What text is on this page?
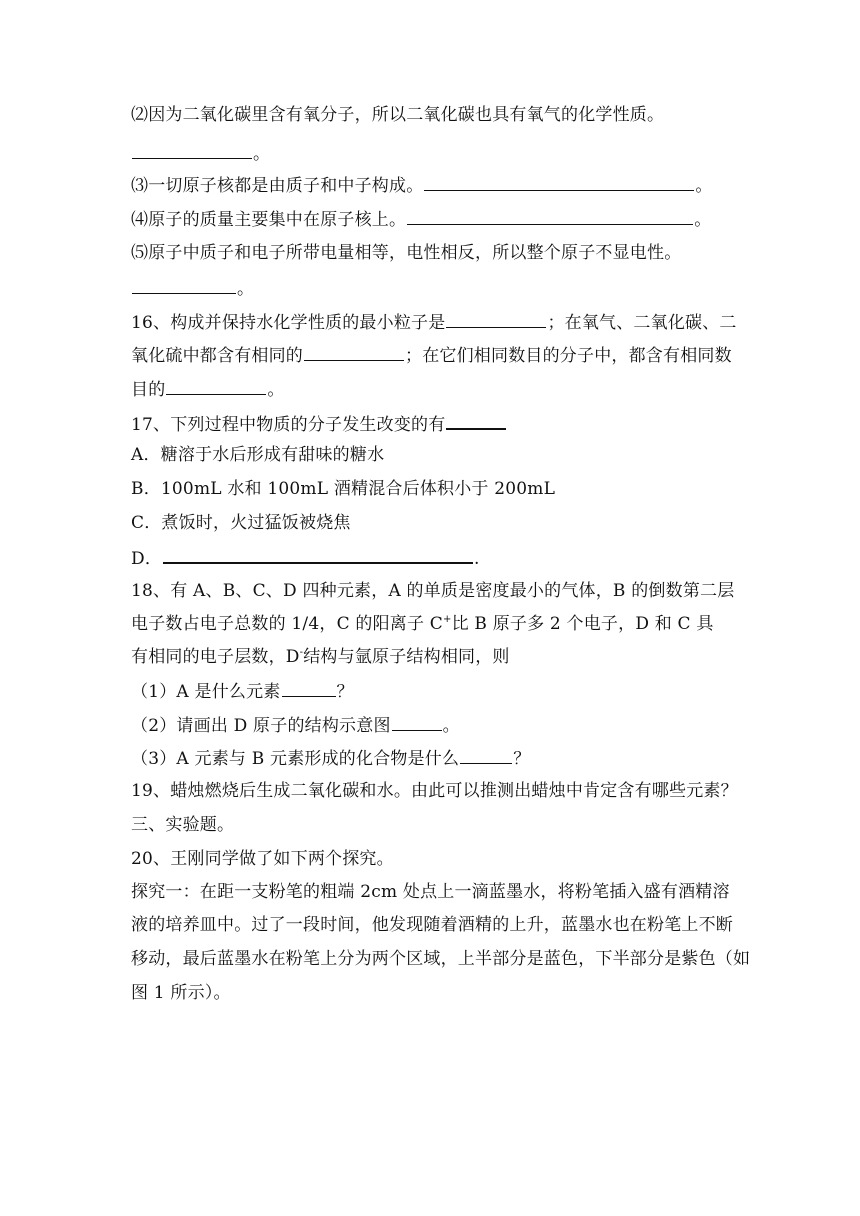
⑵因为二氧化碳里含有氧分子，所以二氧化碳也具有氧气的化学性质。
。
⑶一切原子核都是由质子和中子构成。	。
⑷原子的质量主要集中在原子核上。	。
⑸原子中质子和电子所带电量相等，电性相反，所以整个原子不显电性。
。
16、构成并保持水化学性质的最小粒子是	；在氧气、二氧化碳、二
氧化硫中都含有相同的	；在它们相同数目的分子中，都含有相同数
目的	。
17、下列过程中物质的分子发生改变的有
A．糖溶于水后形成有甜味的糖水
B．100mL 水和 100mL 酒精混合后体积小于 200mL
C．煮饭时，火过猛饭被烧焦
D．	.
18、有 A、B、C、D 四种元素，A 的单质是密度最小的气体，B 的倒数第二层
电子数占电子总数的 1/4，C 的阳离子 C+比 B 原子多 2 个电子，D 和 C 具
有相同的电子层数，D-结构与氩原子结构相同，则
（1）A 是什么元素	？
（2）请画出 D 原子的结构示意图	。
（3）A 元素与 B 元素形成的化合物是什么	？
19、蜡烛燃烧后生成二氧化碳和水。由此可以推测出蜡烛中肯定含有哪些元素？
三、实验题。
20、王刚同学做了如下两个探究。
探究一：在距一支粉笔的粗端 2cm 处点上一滴蓝墨水，将粉笔插入盛有酒精溶
液的培养皿中。过了一段时间，他发现随着酒精的上升，蓝墨水也在粉笔上不断
移动，最后蓝墨水在粉笔上分为两个区域，上半部分是蓝色，下半部分是紫色（如
图 1 所示）。
